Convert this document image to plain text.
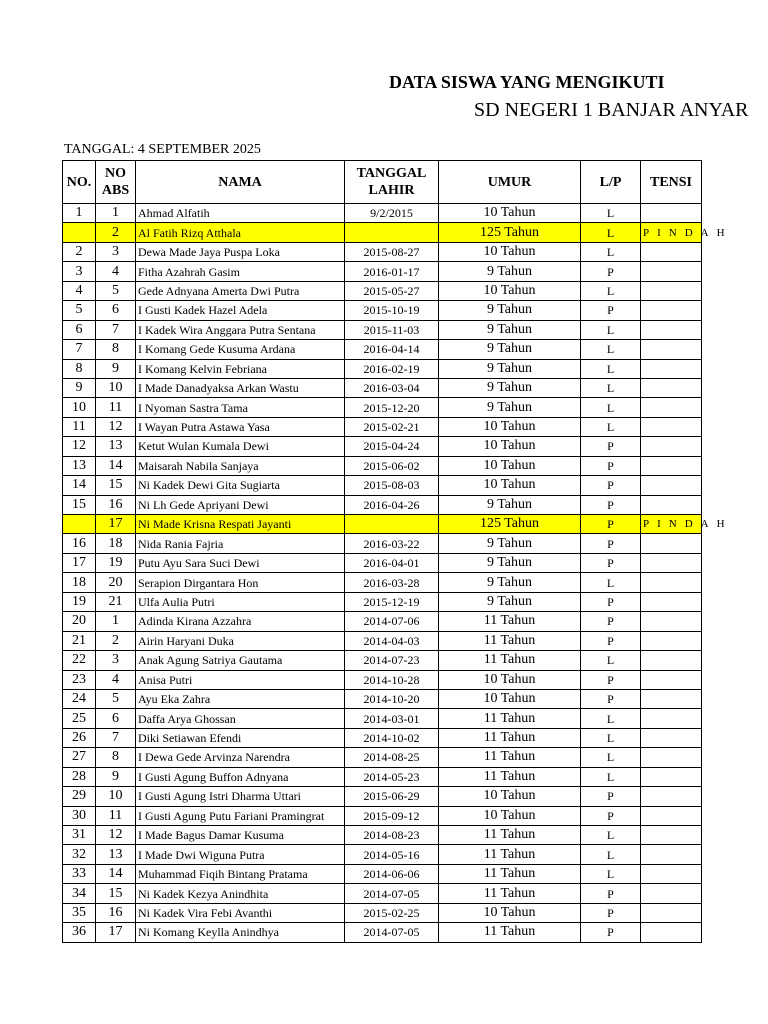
DATA SISWA YANG MENGIKUTI
SD NEGERI 1 BANJAR ANYAR
TANGGAL: 4 SEPTEMBER 2025
NO.	NO ABS	NAMA	TANGGAL LAHIR	UMUR	L/P	TENSI
1	1	Ahmad Alfatih	9/2/2015	10 Tahun	L	
	2	Al Fatih Rizq Atthala		125 Tahun	L	PINDAH
2	3	Dewa Made Jaya Puspa Loka	2015-08-27	10 Tahun	L	
3	4	Fitha Azahrah Gasim	2016-01-17	9 Tahun	P	
4	5	Gede Adnyana Amerta Dwi Putra	2015-05-27	10 Tahun	L	
5	6	I Gusti Kadek Hazel Adela	2015-10-19	9 Tahun	P	
6	7	I Kadek Wira Anggara Putra Sentana	2015-11-03	9 Tahun	L	
7	8	I Komang Gede Kusuma Ardana	2016-04-14	9 Tahun	L	
8	9	I Komang Kelvin Febriana	2016-02-19	9 Tahun	L	
9	10	I Made Danadyaksa Arkan Wastu	2016-03-04	9 Tahun	L	
10	11	I Nyoman Sastra Tama	2015-12-20	9 Tahun	L	
11	12	I Wayan Putra Astawa Yasa	2015-02-21	10 Tahun	L	
12	13	Ketut Wulan Kumala Dewi	2015-04-24	10 Tahun	P	
13	14	Maisarah Nabila Sanjaya	2015-06-02	10 Tahun	P	
14	15	Ni Kadek Dewi Gita Sugiarta	2015-08-03	10 Tahun	P	
15	16	Ni Lh Gede Apriyani Dewi	2016-04-26	9 Tahun	P	
	17	Ni Made Krisna Respati Jayanti		125 Tahun	P	PINDAH
16	18	Nida Rania Fajria	2016-03-22	9 Tahun	P	
17	19	Putu Ayu Sara Suci Dewi	2016-04-01	9 Tahun	P	
18	20	Serapion Dirgantara Hon	2016-03-28	9 Tahun	L	
19	21	Ulfa Aulia Putri	2015-12-19	9 Tahun	P	
20	1	Adinda Kirana Azzahra	2014-07-06	11 Tahun	P	
21	2	Airin Haryani Duka	2014-04-03	11 Tahun	P	
22	3	Anak Agung Satriya Gautama	2014-07-23	11 Tahun	L	
23	4	Anisa Putri	2014-10-28	10 Tahun	P	
24	5	Ayu Eka Zahra	2014-10-20	10 Tahun	P	
25	6	Daffa Arya Ghossan	2014-03-01	11 Tahun	L	
26	7	Diki Setiawan Efendi	2014-10-02	11 Tahun	L	
27	8	I Dewa Gede Arvinza Narendra	2014-08-25	11 Tahun	L	
28	9	I Gusti Agung Buffon Adnyana	2014-05-23	11 Tahun	L	
29	10	I Gusti Agung Istri Dharma Uttari	2015-06-29	10 Tahun	P	
30	11	I Gusti Agung Putu Fariani Pramingrat	2015-09-12	10 Tahun	P	
31	12	I Made Bagus Damar Kusuma	2014-08-23	11 Tahun	L	
32	13	I Made Dwi Wiguna Putra	2014-05-16	11 Tahun	L	
33	14	Muhammad Fiqih Bintang Pratama	2014-06-06	11 Tahun	L	
34	15	Ni Kadek Kezya Anindhita	2014-07-05	11 Tahun	P	
35	16	Ni Kadek Vira Febi Avanthi	2015-02-25	10 Tahun	P	
36	17	Ni Komang Keylla Anindhya	2014-07-05	11 Tahun	P	
